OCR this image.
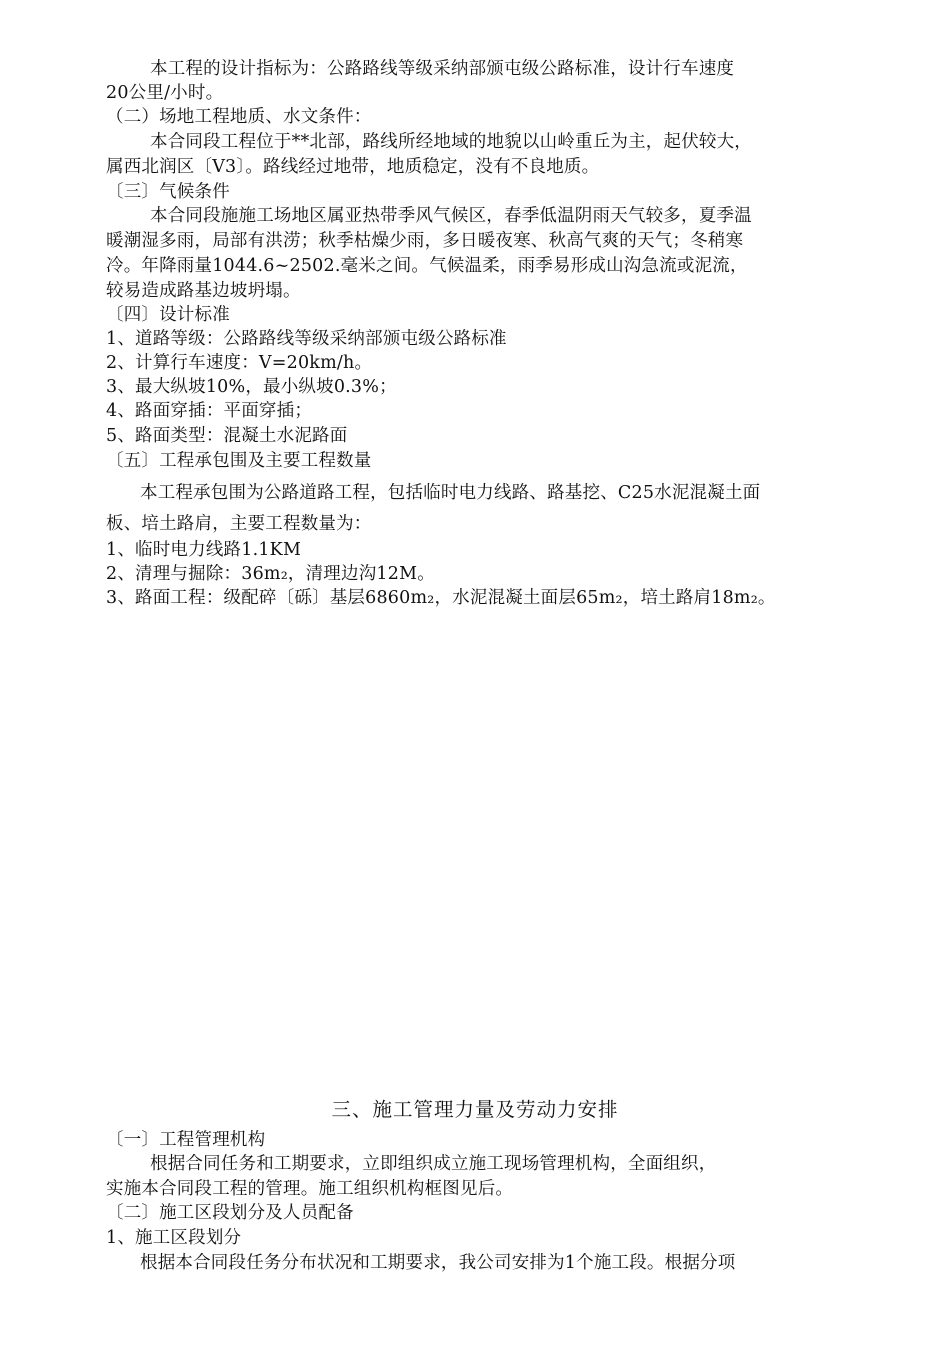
本工程的设计指标为：公路路线等级采纳部颁屯级公路标准，设计行车速度
20公里/小时。
（二）场地工程地质、水文条件：
本合同段工程位于**北部，路线所经地域的地貌以山岭重丘为主，起伏较大，
属西北润区〔V3〕。路线经过地带，地质稳定，没有不良地质。
〔三〕气候条件
本合同段施施工场地区属亚热带季风气候区，春季低温阴雨天气较多，夏季温
暖潮湿多雨，局部有洪涝；秋季枯燥少雨，多日暖夜寒、秋高气爽的天气；冬稍寒
冷。年降雨量1044.6~2502.毫米之间。气候温柔，雨季易形成山沟急流或泥流，
较易造成路基边坡坍塌。
〔四〕设计标准
1、道路等级：公路路线等级采纳部颁屯级公路标准
2、计算行车速度：V=20km/h。
3、最大纵坡10%，最小纵坡0.3%；
4、路面穿插：平面穿插；
5、路面类型：混凝土水泥路面
〔五〕工程承包围及主要工程数量
本工程承包围为公路道路工程，包括临时电力线路、路基挖、C25水泥混凝土面
板、培土路肩，主要工程数量为：
1、临时电力线路1.1KM
2、清理与掘除：36m₂，清理边沟12M。
3、路面工程：级配碎〔砾〕基层6860m₂，水泥混凝土面层65m₂，培土路肩18m₂。
三、施工管理力量及劳动力安排
〔一〕工程管理机构
根据合同任务和工期要求，立即组织成立施工现场管理机构，全面组织，
实施本合同段工程的管理。施工组织机构框图见后。
〔二〕施工区段划分及人员配备
1、施工区段划分
根据本合同段任务分布状况和工期要求，我公司安排为1个施工段。根据分项
